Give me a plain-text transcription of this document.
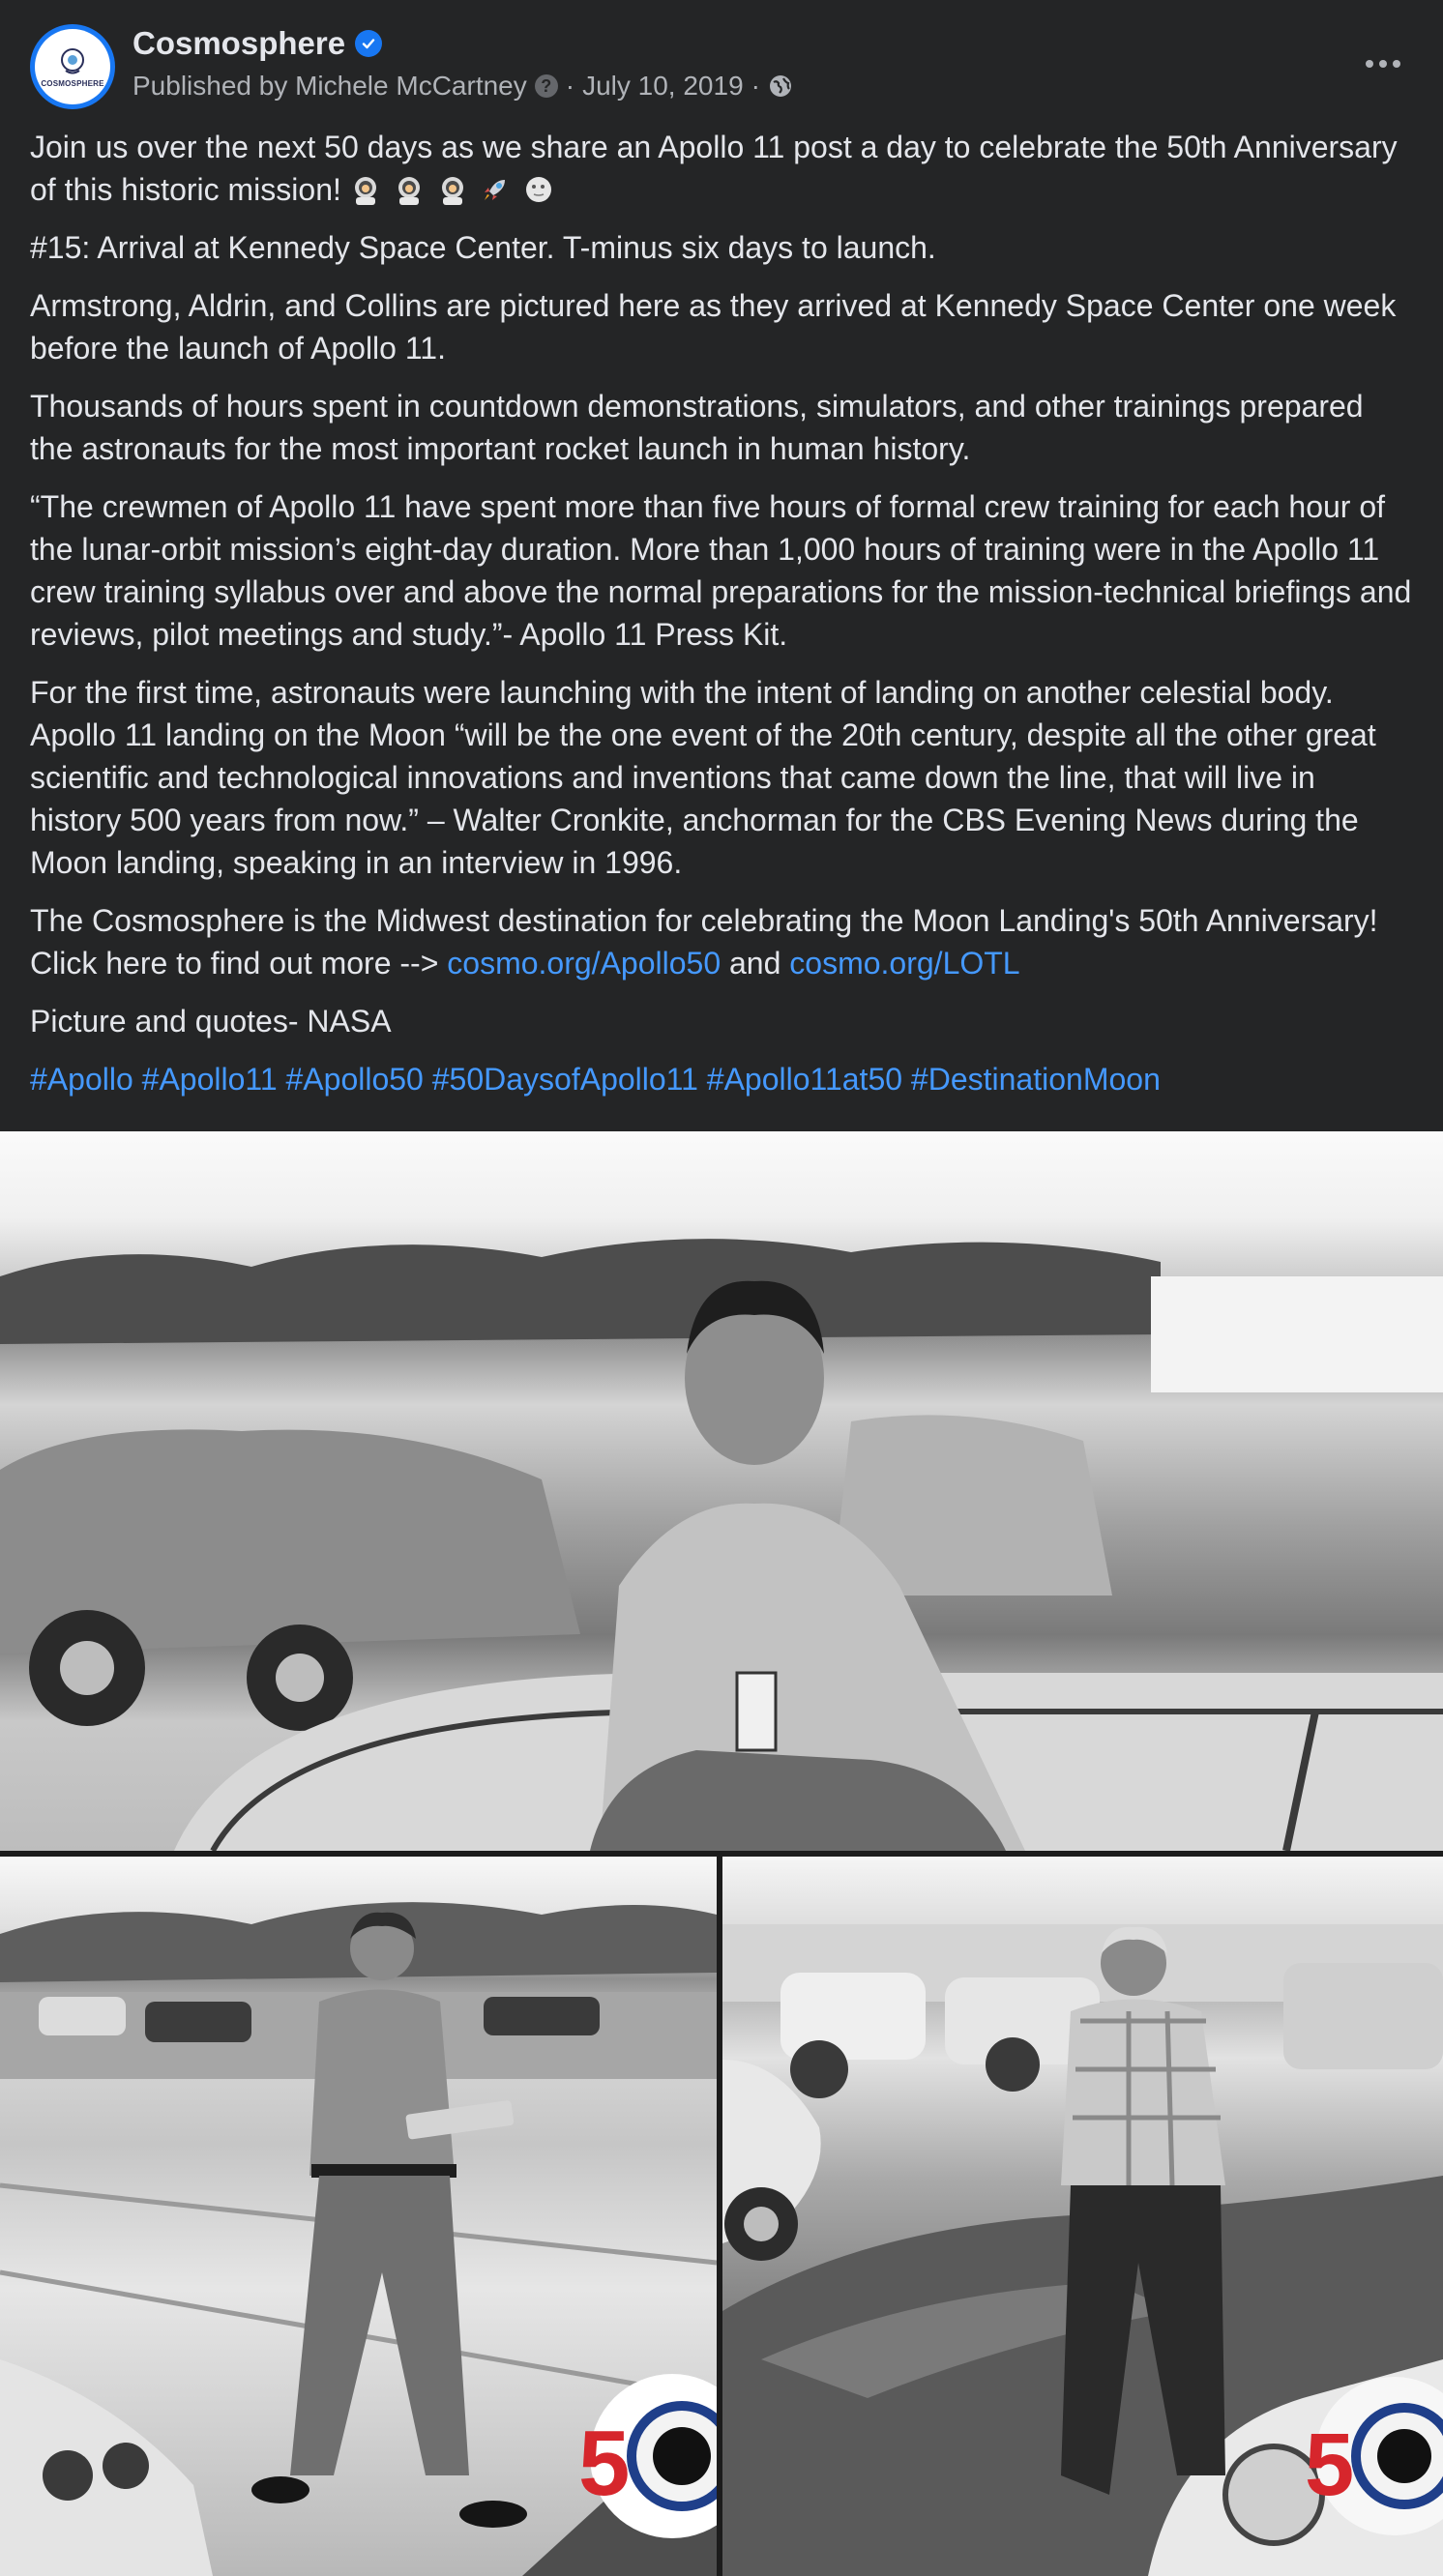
COSMOSPHERE
Cosmosphere
Published by Michele McCartney ? · July 10, 2019 ·

Join us over the next 50 days as we share an Apollo 11 post a day to celebrate the 50th Anniversary of this historic mission!

#15: Arrival at Kennedy Space Center. T-minus six days to launch.

Armstrong, Aldrin, and Collins are pictured here as they arrived at Kennedy Space Center one week before the launch of Apollo 11.

Thousands of hours spent in countdown demonstrations, simulators, and other trainings prepared the astronauts for the most important rocket launch in human history.

“The crewmen of Apollo 11 have spent more than five hours of formal crew training for each hour of the lunar-orbit mission’s eight-day duration. More than 1,000 hours of training were in the Apollo 11 crew training syllabus over and above the normal preparations for the mission-technical briefings and reviews, pilot meetings and study.”- Apollo 11 Press Kit.

For the first time, astronauts were launching with the intent of landing on another celestial body. Apollo 11 landing on the Moon “will be the one event of the 20th century, despite all the other great scientific and technological innovations and inventions that came down the line, that will live in history 500 years from now.” – Walter Cronkite, anchorman for the CBS Evening News during the Moon landing, speaking in an interview in 1996.

The Cosmosphere is the Midwest destination for celebrating the Moon Landing's 50th Anniversary! Click here to find out more --> cosmo.org/Apollo50 and cosmo.org/LOTL

Picture and quotes- NASA

#Apollo #Apollo11 #Apollo50 #50DaysofApollo11 #Apollo11at50 #DestinationMoon

5	5
